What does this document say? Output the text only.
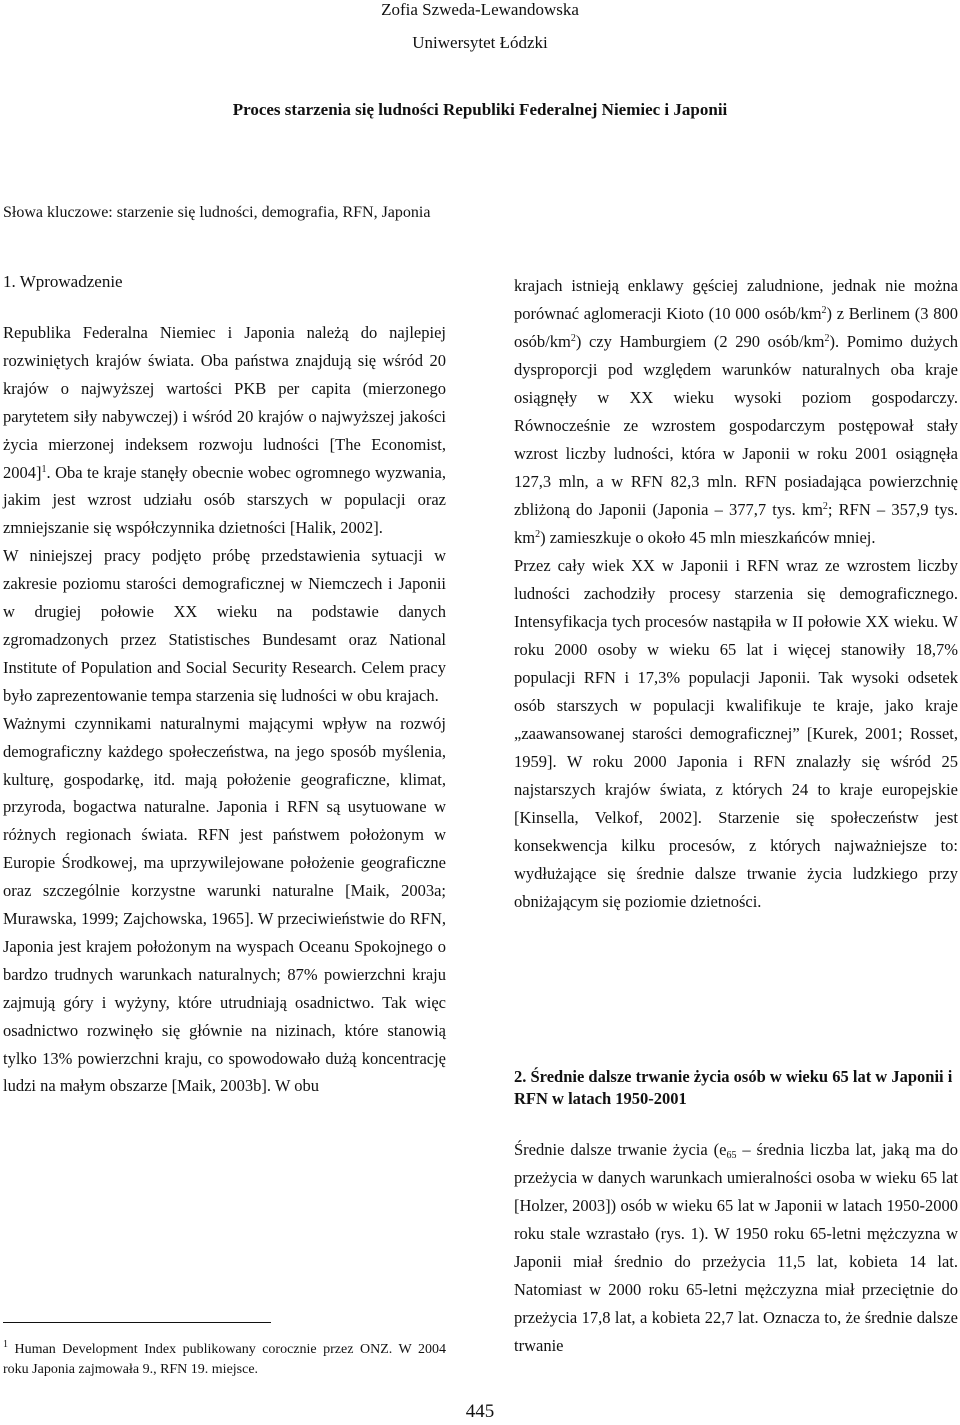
Zofia Szweda-Lewandowska
Uniwersytet Łódzki
Proces starzenia się ludności Republiki Federalnej Niemiec i Japonii
Słowa kluczowe: starzenie się ludności, demografia, RFN, Japonia
1. Wprowadzenie

Republika Federalna Niemiec i Japonia należą do najlepiej rozwiniętych krajów świata. Oba państwa znajdują się wśród 20 krajów o najwyższej wartości PKB per capita (mierzonego parytetem siły nabywczej) i wśród 20 krajów o najwyższej jakości życia mierzonej indeksem rozwoju ludności [The Economist, 2004]$^1$. Oba te kraje stanęły obecnie wobec ogromnego wyzwania, jakim jest wzrost udziału osób starszych w populacji oraz zmniejszanie się współczynnika dzietności [Halik, 2002].

W niniejszej pracy podjęto próbę przedstawienia sytuacji w zakresie poziomu starości demograficznej w Niemczech i Japonii w drugiej połowie XX wieku na podstawie danych zgromadzonych przez Statistisches Bundesamt oraz National Institute of Population and Social Security Research. Celem pracy było zaprezentowanie tempa starzenia się ludności w obu krajach.

Ważnymi czynnikami naturalnymi mającymi wpływ na rozwój demograficzny każdego społeczeństwa, na jego sposób myślenia, kulturę, gospodarkę, itd. mają położenie geograficzne, klimat, przyroda, bogactwa naturalne. Japonia i RFN są usytuowane w różnych regionach świata. RFN jest państwem położonym w Europie Środkowej, ma uprzywilejowane położenie geograficzne oraz szczególnie korzystne warunki naturalne [Maik, 2003a; Murawska, 1999; Zajchowska, 1965]. W przeciwieństwie do RFN, Japonia jest krajem położonym na wyspach Oceanu Spokojnego o bardzo trudnych warunkach naturalnych; 87% powierzchni kraju zajmują góry i wyżyny, które utrudniają osadnictwo. Tak więc osadnictwo rozwinęło się głównie na nizinach, które stanowią tylko 13% powierzchni kraju, co spowodowało dużą koncentrację ludzi na małym obszarze [Maik, 2003b]. W obu

krajach istnieją enklawy gęściej zaludnione, jednak nie można porównać aglomeracji Kioto (10 000 osób/$km^2$) z Berlinem (3 800 osób/$km^2$) czy Hamburgiem (2 290 osób/$km^2$). Pomimo dużych dysproporcji pod względem warunków naturalnych oba kraje osiągnęły w XX wieku wysoki poziom gospodarczy. Równocześnie ze wzrostem gospodarczym postępował stały wzrost liczby ludności, która w Japonii w roku 2001 osiągnęła 127,3 mln, a w RFN 82,3 mln. RFN posiadająca powierzchnię zbliżoną do Japonii (Japonia – 377,7 tys. $km^2$; RFN – 357,9 tys. $km^2$) zamieszkuje o około 45 mln mieszkańców mniej.

Przez cały wiek XX w Japonii i RFN wraz ze wzrostem liczby ludności zachodziły procesy starzenia się demograficznego. Intensyfikacja tych procesów nastąpiła w II połowie XX wieku. W roku 2000 osoby w wieku 65 lat i więcej stanowiły 18,7% populacji RFN i 17,3% populacji Japonii. Tak wysoki odsetek osób starszych w populacji kwalifikuje te kraje, jako kraje „zaawansowanej starości demograficznej” [Kurek, 2001; Rosset, 1959]. W roku 2000 Japonia i RFN znalazły się wśród 25 najstarszych krajów świata, z których 24 to kraje europejskie [Kinsella, Velkof, 2002]. Starzenie się społeczeństw jest konsekwencja kilku procesów, z których najważniejsze to: wydłużające się średnie dalsze trwanie życia ludzkiego przy obniżającym się poziomie dzietności.

2. Średnie dalsze trwanie życia osób w wieku 65 lat w Japonii i RFN w latach 1950-2001
Średnie dalsze trwanie życia ($e_{65}$ – średnia liczba lat, jaką ma do przeżycia w danych warunkach umieralności osoba w wieku 65 lat [Holzer, 2003]) osób w wieku 65 lat w Japonii w latach 1950-2000 roku stale wzrastało (rys. 1). W 1950 roku 65-letni mężczyzna w Japonii miał średnio do przeżycia 11,5 lat, kobieta 14 lat. Natomiast w 2000 roku 65-letni mężczyzna miał przeciętnie do przeżycia 17,8 lat, a kobieta 22,7 lat. Oznacza to, że średnie dalsze trwanie
$^1$ Human Development Index publikowany corocznie przez ONZ. W 2004 roku Japonia zajmowała 9., RFN 19. miejsce.
445
